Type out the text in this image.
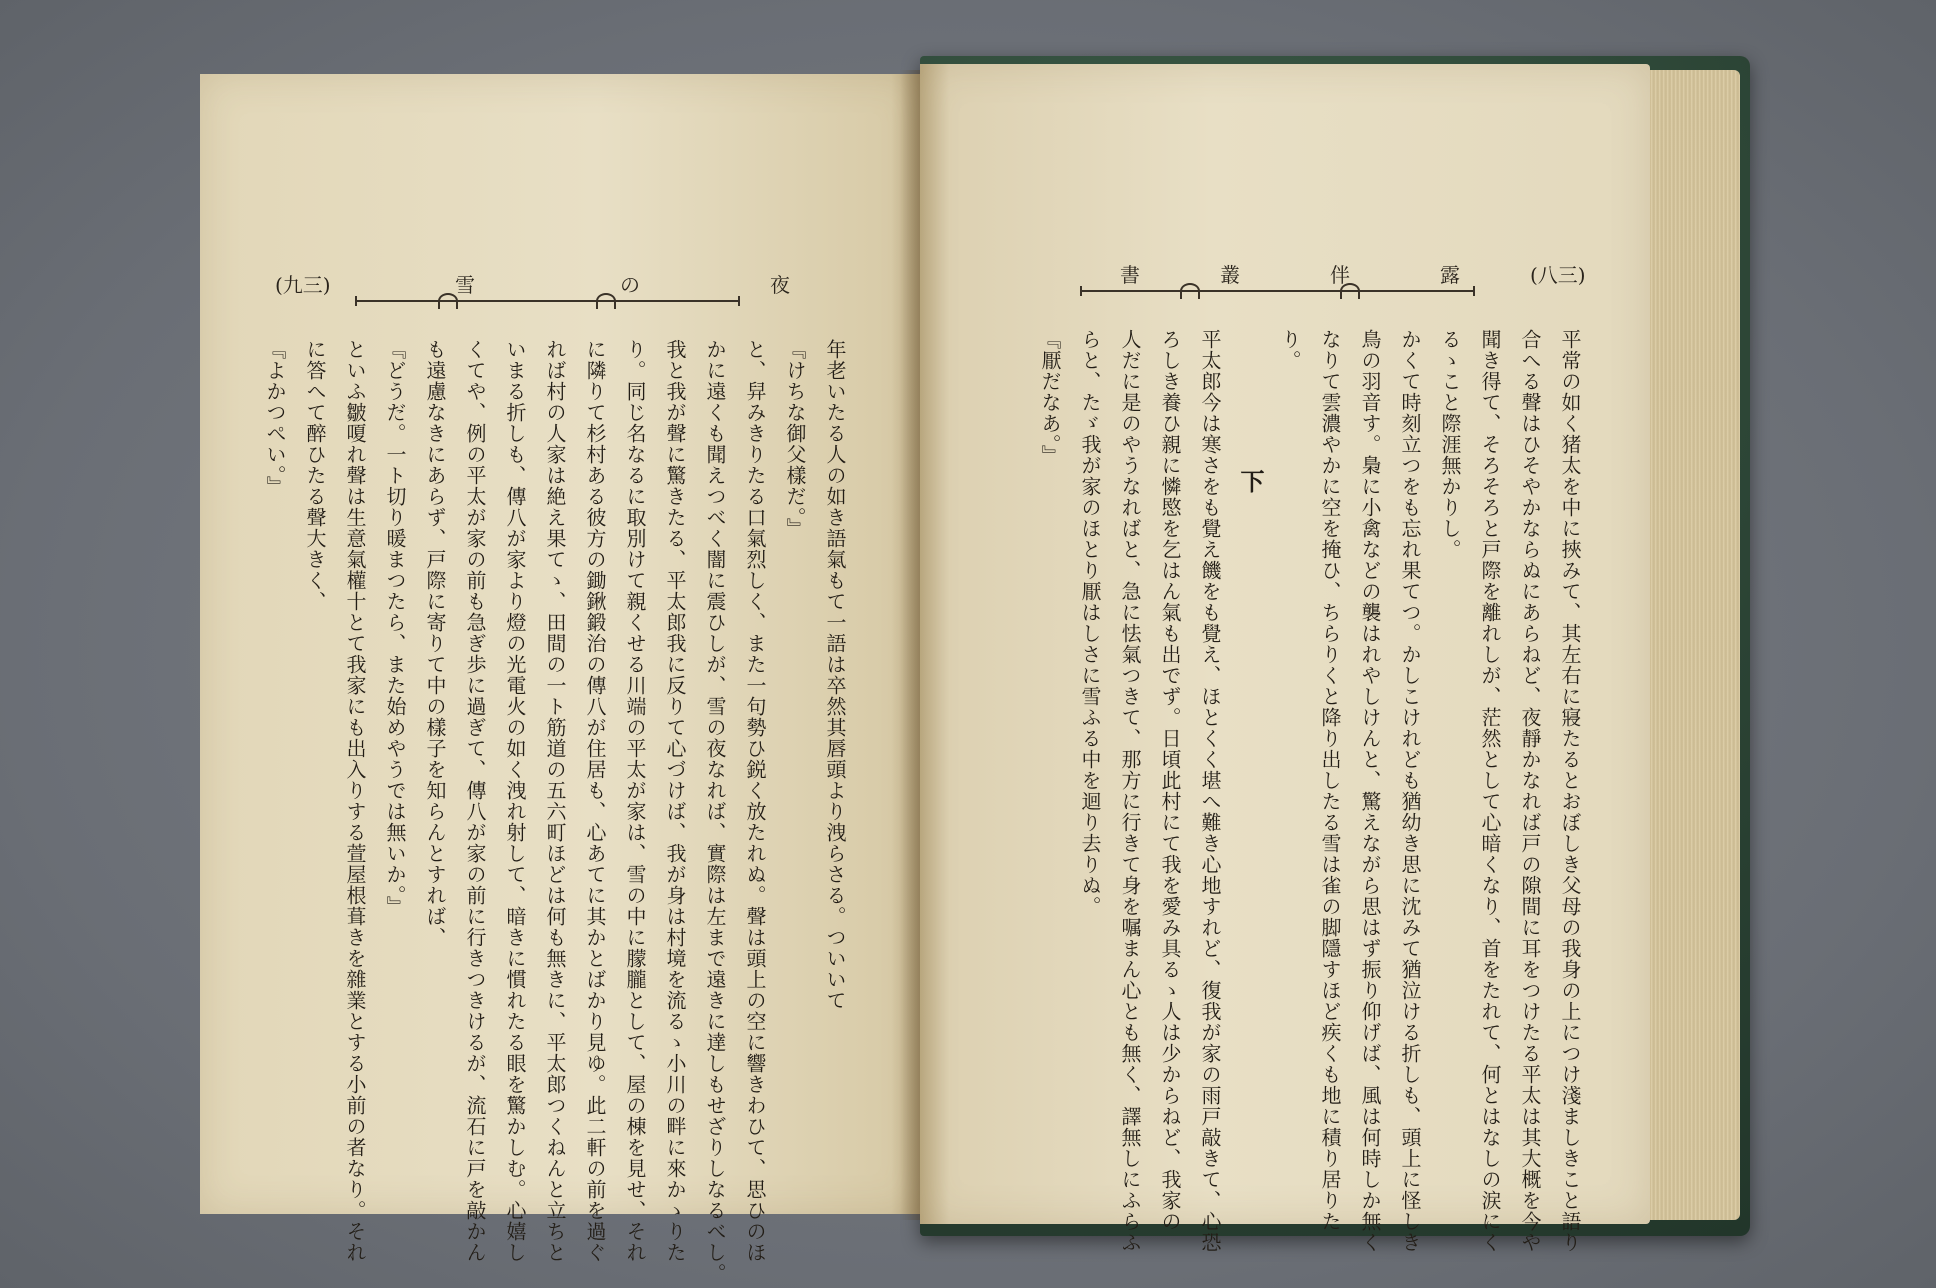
(九三)	雪	の	夜
年老いたる人の如き語氣もて一語は卒然其唇頭より洩らさる。ついいて
『けちな御父樣だ。』
と、舁みきりたる口氣烈しく、また一句勢ひ鋭く放たれぬ。聲は頭上の空に響きわひて、思ひのほ
かに遠くも聞えつべく闇に震ひしが、雪の夜なれば、實際は左まで遠きに達しもせざりしなるべし。
我と我が聲に驚きたる、平太郎我に反りて心づけば、我が身は村境を流るゝ小川の畔に來かゝりた
り。同じ名なるに取別けて親くせる川端の平太が家は、雪の中に朦朧として、屋の棟を見せ、それ
に隣りて杉村ある彼方の鋤鍬鍛治の傳八が住居も、心あてに其かとばかり見ゆ。此二軒の前を過ぐ
れば村の人家は絶え果てゝ、田間の一ト筋道の五六町ほどは何も無きに、平太郎つくねんと立ちと
いまる折しも、傳八が家より燈の光電火の如く洩れ射して、暗きに慣れたる眼を驚かしむ。心嬉し
くてや、例の平太が家の前も急ぎ歩に過ぎて、傳八が家の前に行きつきけるが、流石に戸を敲かん
も遠慮なきにあらず、戸際に寄りて中の樣子を知らんとすれば、
『どうだ。一ト切り暖まつたら、また始めやうでは無いか。』
といふ皺嗄れ聲は生意氣權十とて我家にも出入りする萱屋根葺きを雜業とする小前の者なり。それ
に答へて醉ひたる聲大きく、
『よかつぺい。』
書	叢	伴	露	(八三)
平常の如く猪太を中に挾みて、其左右に寢たるとおぼしき父母の我身の上につけ淺ましきこと語り
合へる聲はひそやかならぬにあらねど、夜靜かなれば戸の隙間に耳をつけたる平太は其大概を今や
聞き得て、そろそろと戸際を離れしが、茫然として心暗くなり、首をたれて、何とはなしの涙にく
るゝこと際涯無かりし。
かくて時刻立つをも忘れ果てつ。かしこけれども猶幼き思に沈みて猶泣ける折しも、頭上に怪しき
鳥の羽音す。梟に小禽などの襲はれやしけんと、驚えながら思はず振り仰げば、風は何時しか無く
なりて雲濃やかに空を掩ひ、ちらりくと降り出したる雪は雀の脚隱すほど疾くも地に積り居りた
り。
下
平太郎今は寒さをも覺え饑をも覺え、ほとくく堪へ難き心地すれど、復我が家の雨戸敲きて、心恐
ろしき養ひ親に憐愍を乞はん氣も出でず。日頃此村にて我を愛み具るゝ人は少からねど、我家の
人だに是のやうなればと、急に怯氣つきて、那方に行きて身を嘱まん心とも無く、譯無しにふらふ
らと、たゞ我が家のほとり厭はしさに雪ふる中を迴り去りぬ。
『厭だなあ。』
